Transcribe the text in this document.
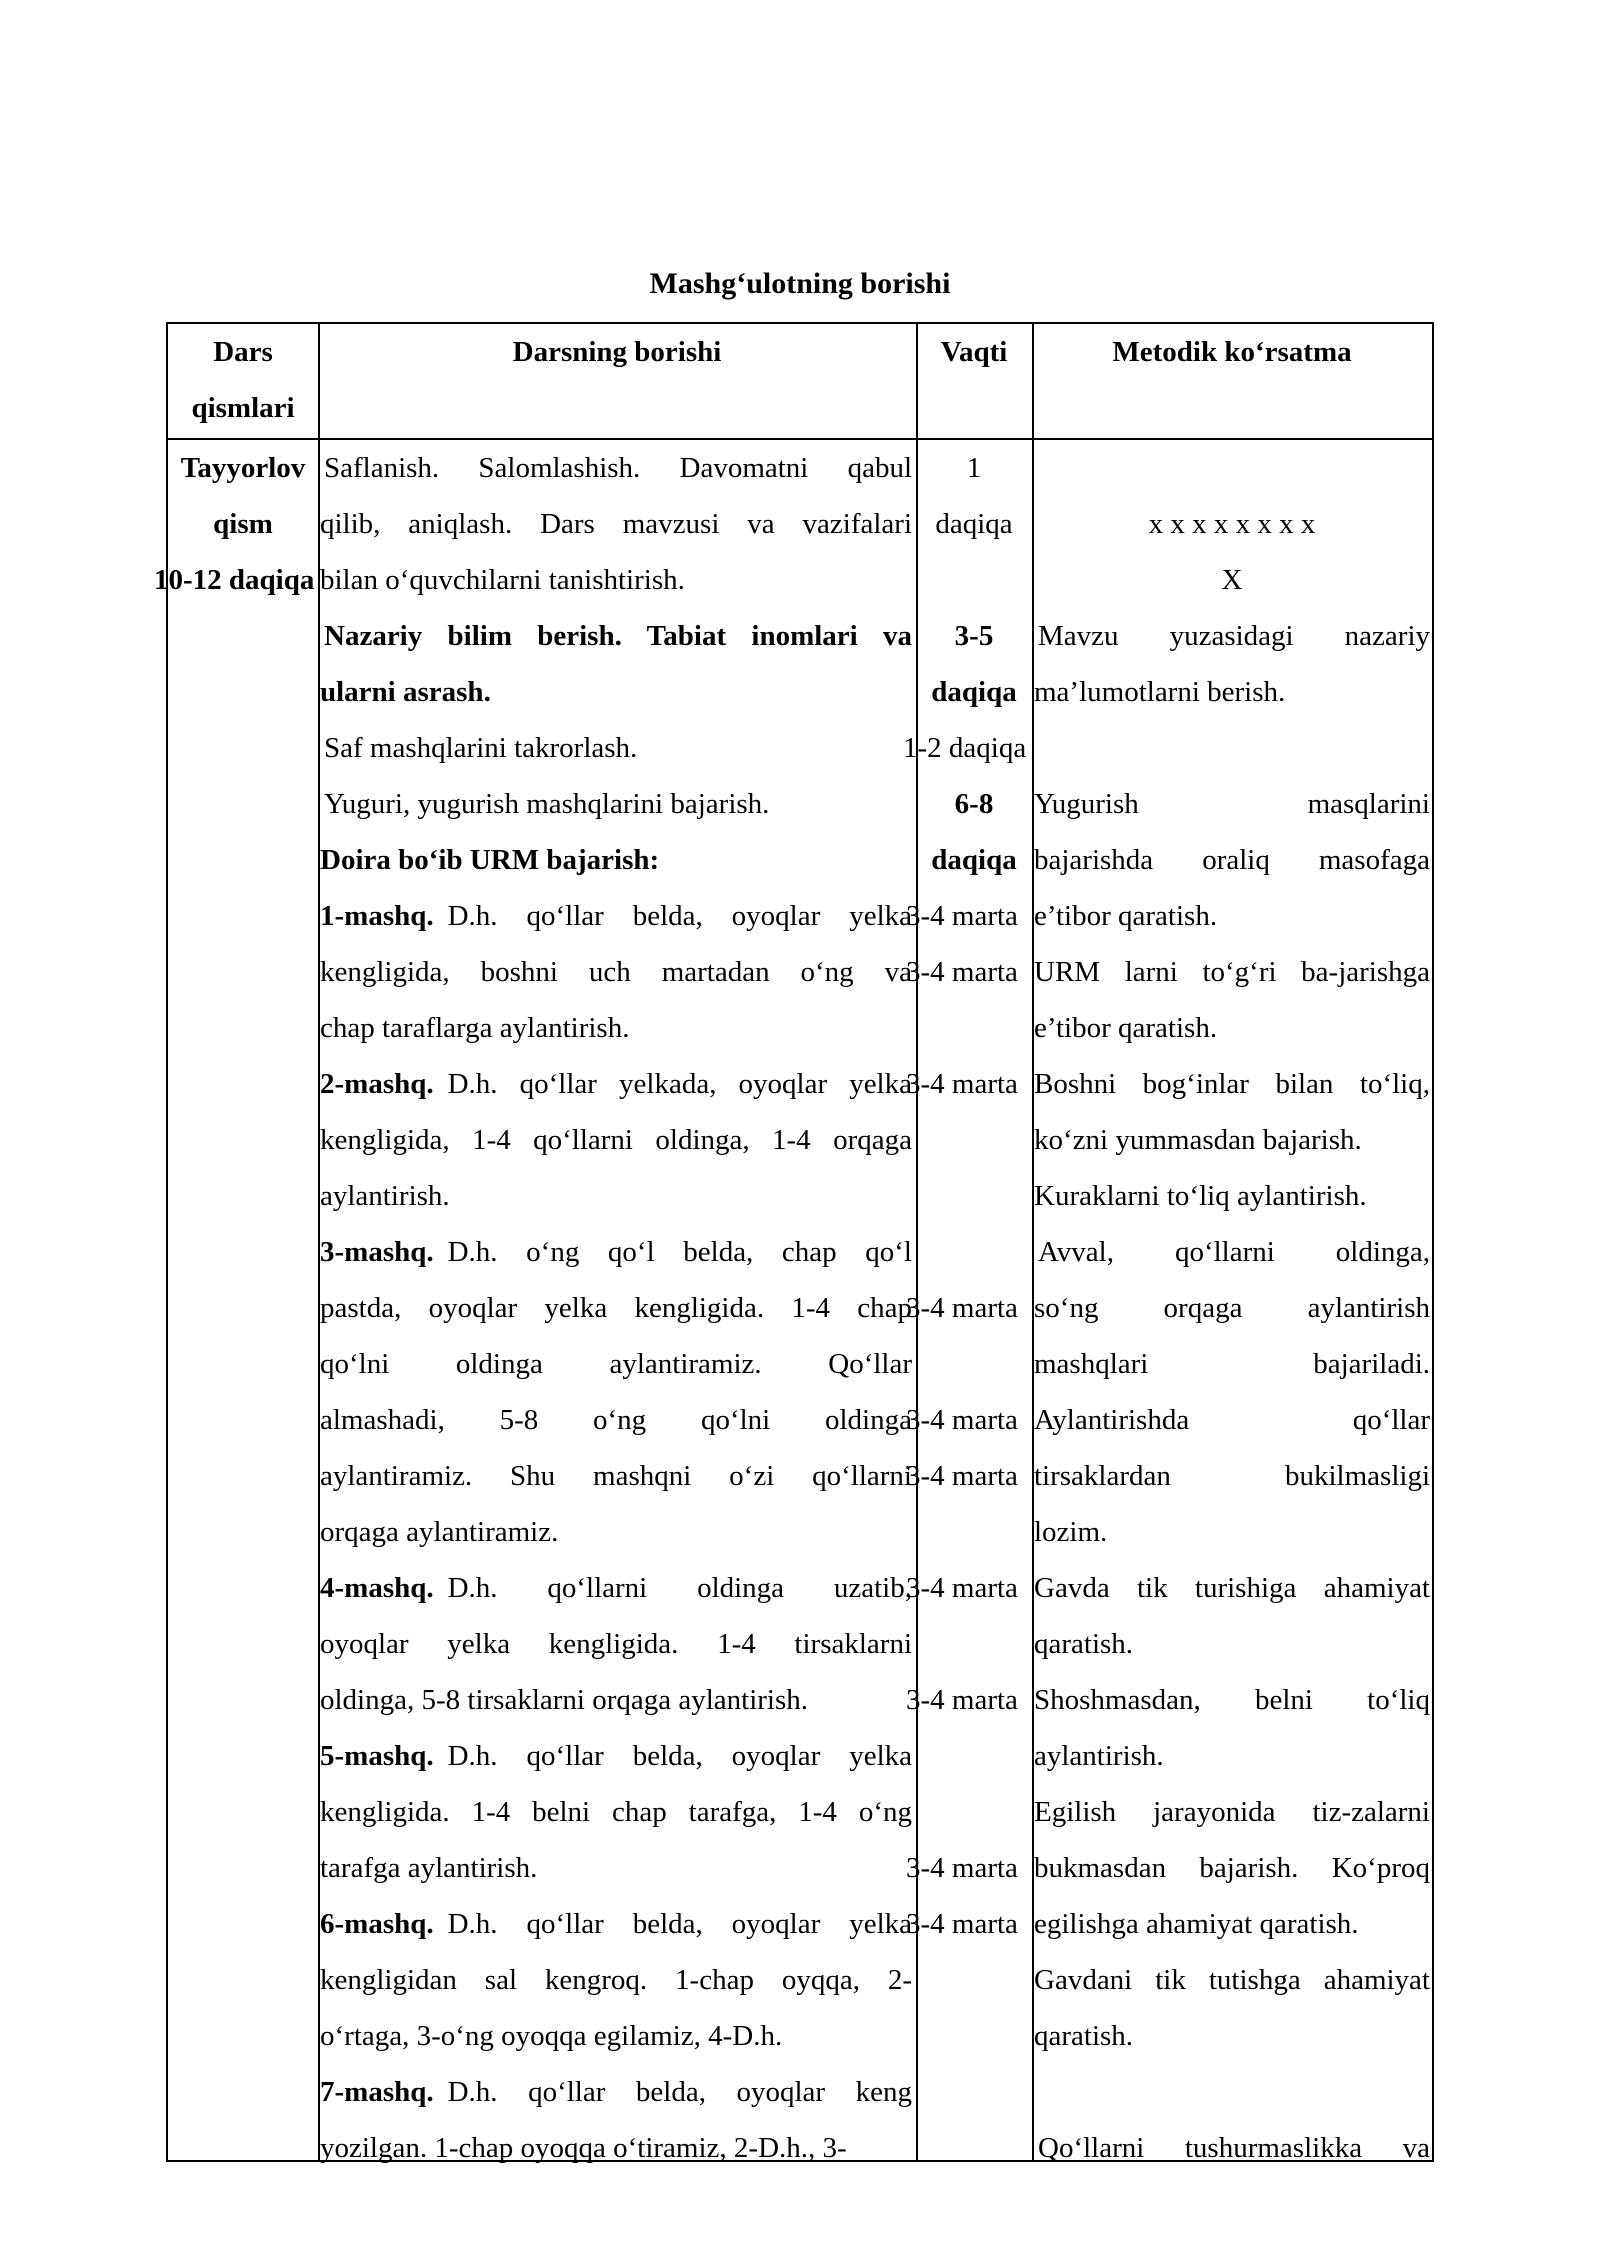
Mashg‘ulotning borishi
Dars
qismlari
Darsning borishi	Vaqti	Metodik ko‘rsatma
Tayyorlov
qism
10-12 daqiqa
Saflanish. Salomlashish. Davomatni qabul
qilib, aniqlash. Dars mavzusi va vazifalari
bilan o‘quvchilarni tanishtirish.
Nazariy bilim berish. Tabiat inomlari va
ularni asrash.
Saf mashqlarini takrorlash.
Yuguri, yugurish mashqlarini bajarish.
Doira bo‘ib URM bajarish:
1-mashq. D.h. qo‘llar belda, oyoqlar yelka
kengligida, boshni uch martadan o‘ng va
chap taraflarga aylantirish.
2-mashq. D.h. qo‘llar yelkada, oyoqlar yelka
kengligida, 1-4 qo‘llarni oldinga, 1-4 orqaga
aylantirish.
3-mashq. D.h. o‘ng qo‘l belda, chap qo‘l
pastda, oyoqlar yelka kengligida. 1-4 chap
qo‘lni oldinga aylantiramiz. Qo‘llar
almashadi, 5-8 o‘ng qo‘lni oldinga
aylantiramiz. Shu mashqni o‘zi qo‘llarni
orqaga aylantiramiz.
4-mashq. D.h. qo‘llarni oldinga uzatib,
oyoqlar yelka kengligida. 1-4 tirsaklarni
oldinga, 5-8 tirsaklarni orqaga aylantirish.
5-mashq. D.h. qo‘llar belda, oyoqlar yelka
kengligida. 1-4 belni chap tarafga, 1-4 o‘ng
tarafga aylantirish.
6-mashq. D.h. qo‘llar belda, oyoqlar yelka
kengligidan sal kengroq. 1-chap oyqqa, 2-
o‘rtaga, 3-o‘ng oyoqqa egilamiz, 4-D.h.
7-mashq. D.h. qo‘llar belda, oyoqlar keng
yozilgan. 1-chap oyoqqa o‘tiramiz, 2-D.h., 3-
1
daqiqa
3-5
daqiqa
1-2 daqiqa
6-8
daqiqa
3-4 marta
3-4 marta
3-4 marta
3-4 marta
3-4 marta
3-4 marta
3-4 marta
3-4 marta
3-4 marta
3-4 marta
x x x x x x x x
X
Mavzu yuzasidagi nazariy
ma’lumotlarni berish.
Yugurish masqlarini
bajarishda oraliq masofaga
e’tibor qaratish.
URM larni to‘g‘ri ba-jarishga
e’tibor qaratish.
Boshni bog‘inlar bilan to‘liq,
ko‘zni yummasdan bajarish.
Kuraklarni to‘liq aylantirish.
Avval, qo‘llarni oldinga,
so‘ng orqaga aylantirish
mashqlari bajariladi.
Aylantirishda qo‘llar
tirsaklardan bukilmasligi
lozim.
Gavda tik turishiga ahamiyat
qaratish.
Shoshmasdan, belni to‘liq
aylantirish.
Egilish jarayonida tiz-zalarni
bukmasdan bajarish. Ko‘proq
egilishga ahamiyat qaratish.
Gavdani tik tutishga ahamiyat
qaratish.
Qo‘llarni tushurmaslikka va
